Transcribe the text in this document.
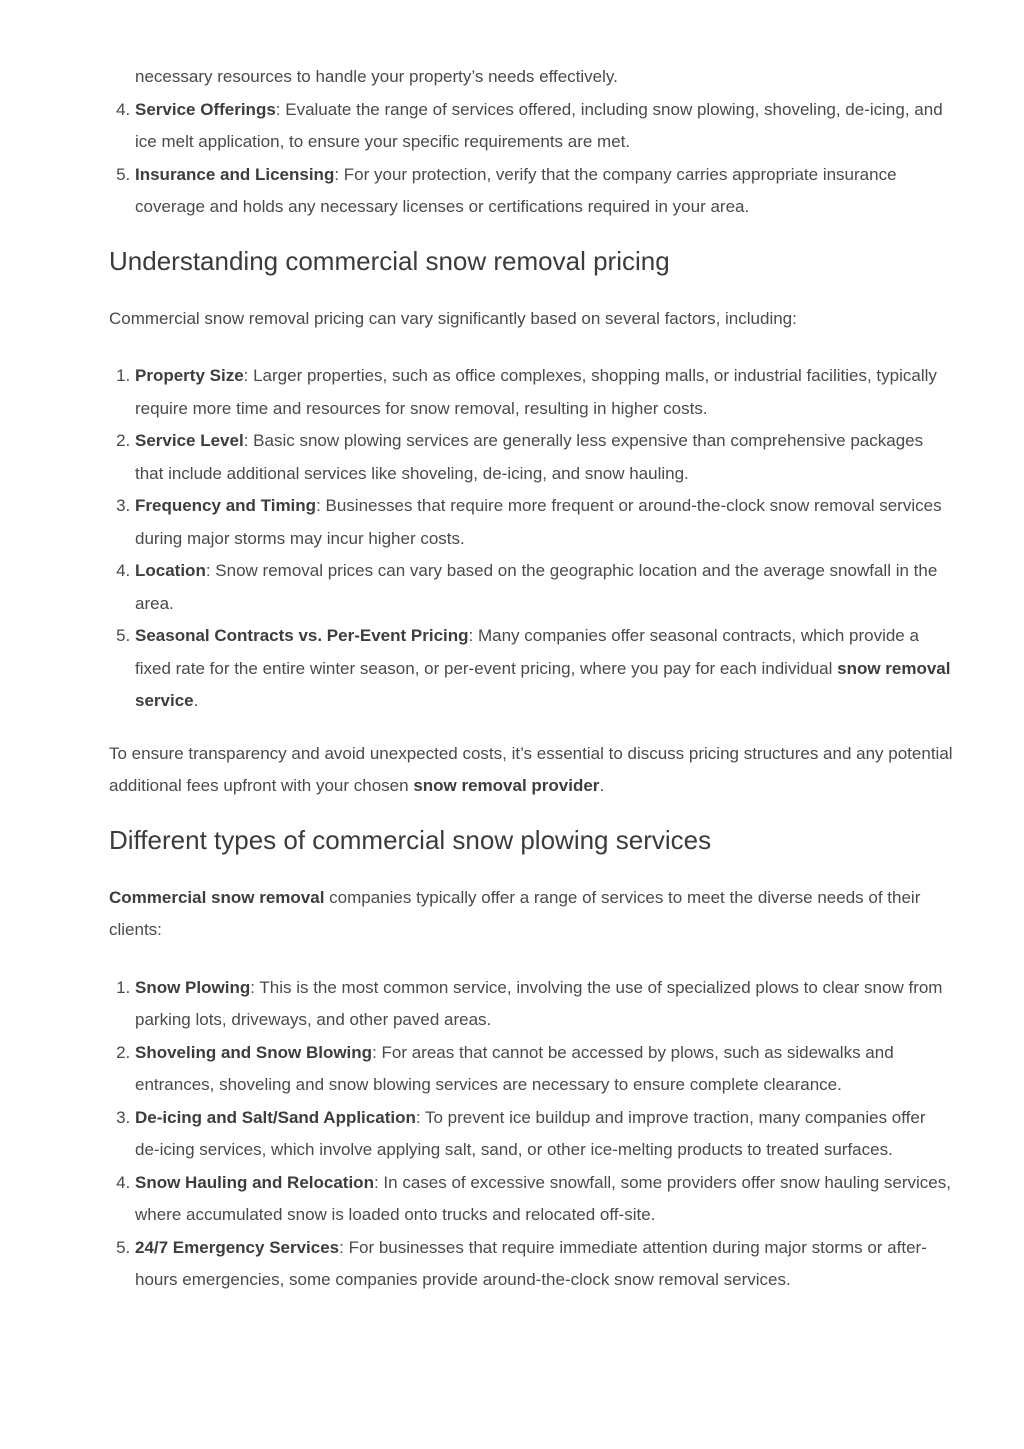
necessary resources to handle your property’s needs effectively.

4. Service Offerings: Evaluate the range of services offered, including snow plowing, shoveling, de-icing, and ice melt application, to ensure your specific requirements are met.
5. Insurance and Licensing: For your protection, verify that the company carries appropriate insurance coverage and holds any necessary licenses or certifications required in your area.
Understanding commercial snow removal pricing

Commercial snow removal pricing can vary significantly based on several factors, including:

1. Property Size: Larger properties, such as office complexes, shopping malls, or industrial facilities, typically require more time and resources for snow removal, resulting in higher costs.
2. Service Level: Basic snow plowing services are generally less expensive than comprehensive packages that include additional services like shoveling, de-icing, and snow hauling.
3. Frequency and Timing: Businesses that require more frequent or around-the-clock snow removal services during major storms may incur higher costs.
4. Location: Snow removal prices can vary based on the geographic location and the average snowfall in the area.
5. Seasonal Contracts vs. Per-Event Pricing: Many companies offer seasonal contracts, which provide a fixed rate for the entire winter season, or per-event pricing, where you pay for each individual snow removal service.

To ensure transparency and avoid unexpected costs, it’s essential to discuss pricing structures and any potential additional fees upfront with your chosen snow removal provider.

Different types of commercial snow plowing services

Commercial snow removal companies typically offer a range of services to meet the diverse needs of their clients:

1. Snow Plowing: This is the most common service, involving the use of specialized plows to clear snow from parking lots, driveways, and other paved areas.
2. Shoveling and Snow Blowing: For areas that cannot be accessed by plows, such as sidewalks and entrances, shoveling and snow blowing services are necessary to ensure complete clearance.
3. De-icing and Salt/Sand Application: To prevent ice buildup and improve traction, many companies offer de-icing services, which involve applying salt, sand, or other ice-melting products to treated surfaces.
4. Snow Hauling and Relocation: In cases of excessive snowfall, some providers offer snow hauling services, where accumulated snow is loaded onto trucks and relocated off-site.
5. 24/7 Emergency Services: For businesses that require immediate attention during major storms or after-hours emergencies, some companies provide around-the-clock snow removal services.
